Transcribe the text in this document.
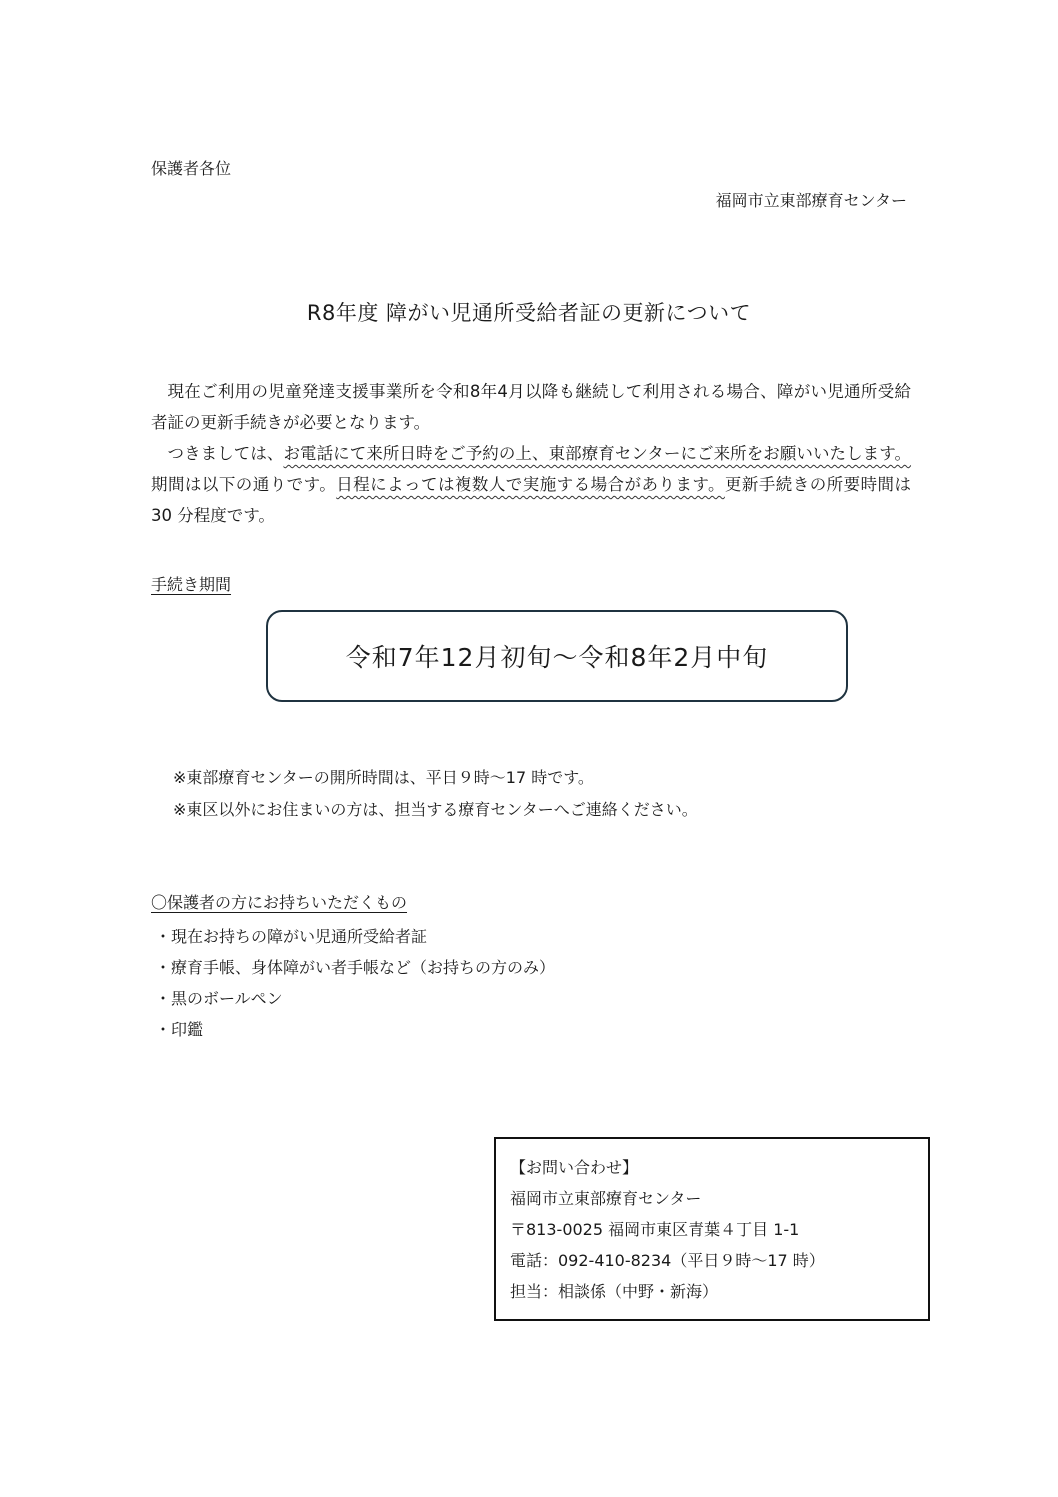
保護者各位
福岡市立東部療育センター
R8年度 障がい児通所受給者証の更新について

現在ご利用の児童発達支援事業所を令和8年4月以降も継続して利用される場合、障がい児通所受給者証の更新手続きが必要となります。

つきましては、お電話にて来所日時をご予約の上、東部療育センターにご来所をお願いいたします。期間は以下の通りです。日程によっては複数人で実施する場合があります。更新手続きの所要時間は30 分程度です。

手続き期間
令和7年12月初旬～令和8年2月中旬
※東部療育センターの開所時間は、平日９時～17 時です。
※東区以外にお住まいの方は、担当する療育センターへご連絡ください。
〇保護者の方にお持ちいただくもの
・現在お持ちの障がい児通所受給者証
・療育手帳、身体障がい者手帳など（お持ちの方のみ）
・黒のボールペン
・印鑑
【お問い合わせ】
福岡市立東部療育センター
〒813-0025 福岡市東区青葉４丁目 1-1
電話：092-410-8234（平日９時～17 時）
担当：相談係（中野・新海）
